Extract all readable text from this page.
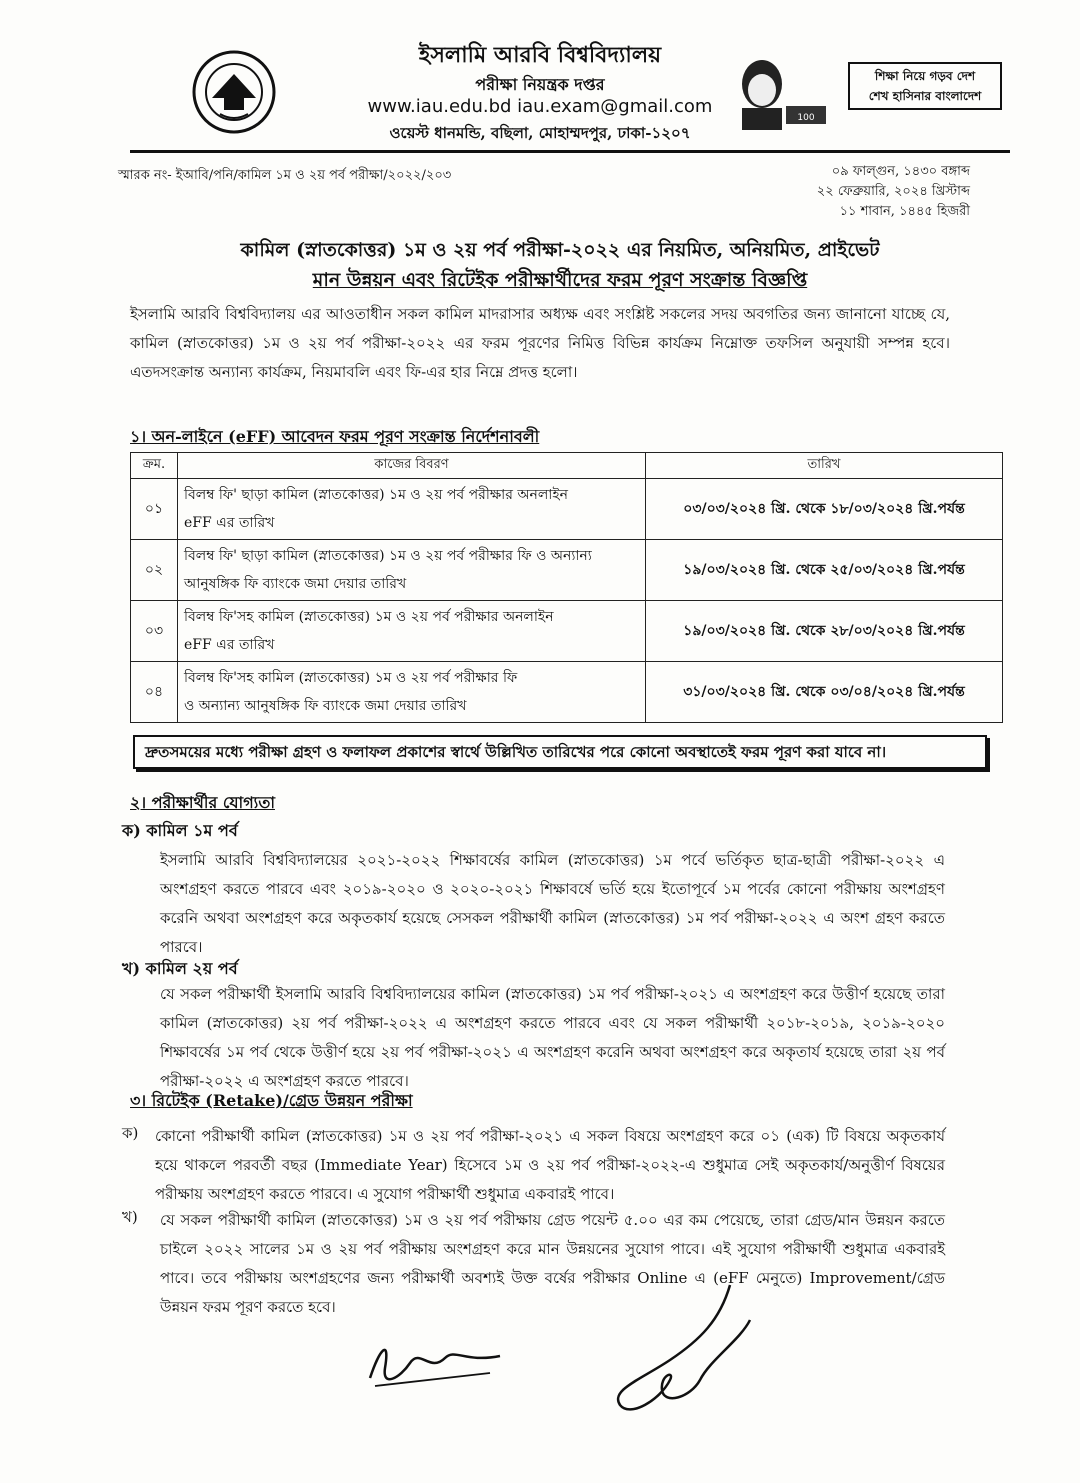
ইসলামি আরবি বিশ্ববিদ্যালয়
পরীক্ষা নিয়ন্ত্রক দপ্তর
www.iau.edu.bd iau.exam@gmail.com
ওয়েস্ট ধানমন্ডি, বছিলা, মোহাম্মদপুর, ঢাকা-১২০৭
100
শিক্ষা নিয়ে গড়ব দেশ
শেখ হাসিনার বাংলাদেশ
স্মারক নং- ইআবি/পনি/কামিল ১ম ও ২য় পর্ব পরীক্ষা/২০২২/২০৩	০৯ ফাল্গুন, ১৪৩০ বঙ্গাব্দ
২২ ফেব্রুয়ারি, ২০২৪ খ্রিস্টাব্দ
১১ শাবান, ১৪৪৫ হিজরী
কামিল (স্নাতকোত্তর) ১ম ও ২য় পর্ব পরীক্ষা-২০২২ এর নিয়মিত, অনিয়মিত, প্রাইভেট
মান উন্নয়ন এবং রিটেইক পরীক্ষার্থীদের ফরম পূরণ সংক্রান্ত বিজ্ঞপ্তি
ইসলামি আরবি বিশ্ববিদ্যালয় এর আওতাধীন সকল কামিল মাদরাসার অধ্যক্ষ এবং সংশ্লিষ্ট সকলের সদয় অবগতির জন্য জানানো যাচ্ছে যে, কামিল (স্নাতকোত্তর) ১ম ও ২য় পর্ব পরীক্ষা-২০২২ এর ফরম পূরণের নিমিত্ত বিভিন্ন কার্যক্রম নিম্নোক্ত তফসিল অনুযায়ী সম্পন্ন হবে। এতদসংক্রান্ত অন্যান্য কার্যক্রম, নিয়মাবলি এবং ফি-এর হার নিম্নে প্রদত্ত হলো।
১। অন-লাইনে (eFF) আবেদন ফরম পূরণ সংক্রান্ত নির্দেশনাবলী
ক্রম.	কাজের বিবরণ	তারিখ
০১	বিলম্ব ফি' ছাড়া কামিল (স্নাতকোত্তর) ১ম ও ২য় পর্ব পরীক্ষার অনলাইন
eFF এর তারিখ	০৩/০৩/২০২৪ খ্রি. থেকে ১৮/০৩/২০২৪ খ্রি.পর্যন্ত
০২	বিলম্ব ফি' ছাড়া কামিল (স্নাতকোত্তর) ১ম ও ২য় পর্ব পরীক্ষার ফি ও অন্যান্য
আনুষঙ্গিক ফি ব্যাংকে জমা দেয়ার তারিখ	১৯/০৩/২০২৪ খ্রি. থেকে ২৫/০৩/২০২৪ খ্রি.পর্যন্ত
০৩	বিলম্ব ফি'সহ কামিল (স্নাতকোত্তর) ১ম ও ২য় পর্ব পরীক্ষার অনলাইন
eFF এর তারিখ	১৯/০৩/২০২৪ খ্রি. থেকে ২৮/০৩/২০২৪ খ্রি.পর্যন্ত
০৪	বিলম্ব ফি'সহ কামিল (স্নাতকোত্তর) ১ম ও ২য় পর্ব পরীক্ষার ফি
ও অন্যান্য আনুষঙ্গিক ফি ব্যাংকে জমা দেয়ার তারিখ	৩১/০৩/২০২৪ খ্রি. থেকে ০৩/০৪/২০২৪ খ্রি.পর্যন্ত
দ্রুতসময়ের মধ্যে পরীক্ষা গ্রহণ ও ফলাফল প্রকাশের স্বার্থে উল্লিখিত তারিখের পরে কোনো অবস্থাতেই ফরম পূরণ করা যাবে না।
২। পরীক্ষার্থীর যোগ্যতা
ক) কামিল ১ম পর্ব
ইসলামি আরবি বিশ্ববিদ্যালয়ের ২০২১-২০২২ শিক্ষাবর্ষের কামিল (স্নাতকোত্তর) ১ম পর্বে ভর্তিকৃত ছাত্র-ছাত্রী পরীক্ষা-২০২২ এ অংশগ্রহণ করতে পারবে এবং ২০১৯-২০২০ ও ২০২০-২০২১ শিক্ষাবর্ষে ভর্তি হয়ে ইতোপূর্বে ১ম পর্বের কোনো পরীক্ষায় অংশগ্রহণ করেনি অথবা অংশগ্রহণ করে অকৃতকার্য হয়েছে সেসকল পরীক্ষার্থী কামিল (স্নাতকোত্তর) ১ম পর্ব পরীক্ষা-২০২২ এ অংশ গ্রহণ করতে পারবে।
খ) কামিল ২য় পর্ব
যে সকল পরীক্ষার্থী ইসলামি আরবি বিশ্ববিদ্যালয়ের কামিল (স্নাতকোত্তর) ১ম পর্ব পরীক্ষা-২০২১ এ অংশগ্রহণ করে উত্তীর্ণ হয়েছে তারা কামিল (স্নাতকোত্তর) ২য় পর্ব পরীক্ষা-২০২২ এ অংশগ্রহণ করতে পারবে এবং যে সকল পরীক্ষার্থী ২০১৮-২০১৯, ২০১৯-২০২০ শিক্ষাবর্ষের ১ম পর্ব থেকে উত্তীর্ণ হয়ে ২য় পর্ব পরীক্ষা-২০২১ এ অংশগ্রহণ করেনি অথবা অংশগ্রহণ করে অকৃতার্য হয়েছে তারা ২য় পর্ব পরীক্ষা-২০২২ এ অংশগ্রহণ করতে পারবে।
৩। রিটেইক (Retake)/গ্রেড উন্নয়ন পরীক্ষা
ক) কোনো পরীক্ষার্থী কামিল (স্নাতকোত্তর) ১ম ও ২য় পর্ব পরীক্ষা-২০২১ এ সকল বিষয়ে অংশগ্রহণ করে ০১ (এক) টি বিষয়ে অকৃতকার্য হয়ে থাকলে পরবর্তী বছর (Immediate Year) হিসেবে ১ম ও ২য় পর্ব পরীক্ষা-২০২২-এ শুধুমাত্র সেই অকৃতকার্য/অনুত্তীর্ণ বিষয়ের পরীক্ষায় অংশগ্রহণ করতে পারবে। এ সুযোগ পরীক্ষার্থী শুধুমাত্র একবারই পাবে।
খ) যে সকল পরীক্ষার্থী কামিল (স্নাতকোত্তর) ১ম ও ২য় পর্ব পরীক্ষায় গ্রেড পয়েন্ট ৫.০০ এর কম পেয়েছে, তারা গ্রেড/মান উন্নয়ন করতে চাইলে ২০২২ সালের ১ম ও ২য় পর্ব পরীক্ষায় অংশগ্রহণ করে মান উন্নয়নের সুযোগ পাবে। এই সুযোগ পরীক্ষার্থী শুধুমাত্র একবারই পাবে। তবে পরীক্ষায় অংশগ্রহণের জন্য পরীক্ষার্থী অবশ্যই উক্ত বর্ষের পরীক্ষার Online এ (eFF মেনুতে) Improvement/গ্রেড উন্নয়ন ফরম পূরণ করতে হবে।
